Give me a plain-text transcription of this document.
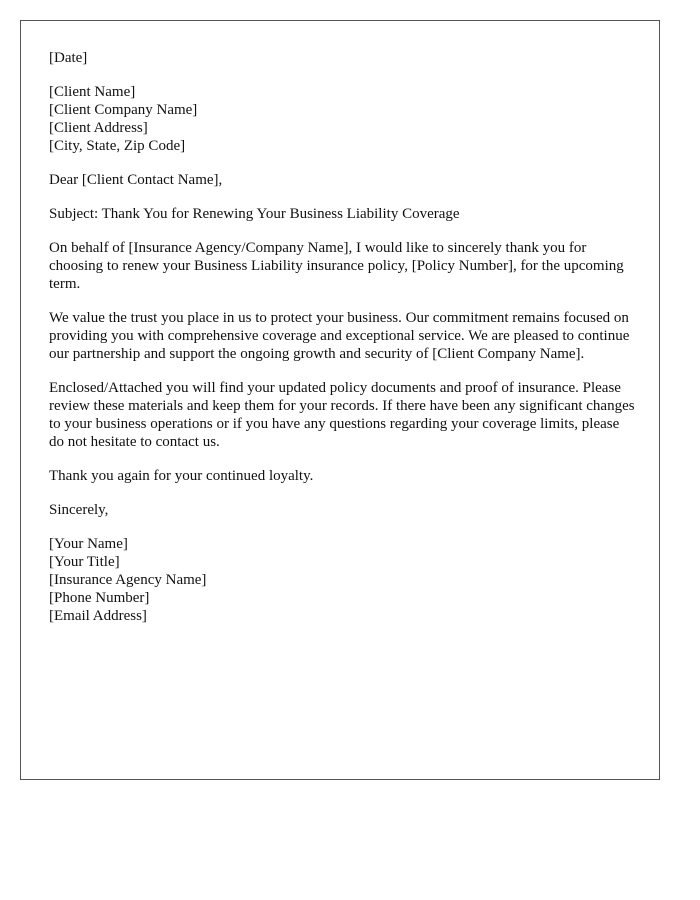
[Date]

[Client Name]

[Client Company Name]

[Client Address]

[City, State, Zip Code]

Dear [Client Contact Name],

Subject: Thank You for Renewing Your Business Liability Coverage

On behalf of [Insurance Agency/Company Name], I would like to sincerely thank you for choosing to renew your Business Liability insurance policy, [Policy Number], for the upcoming term.

We value the trust you place in us to protect your business. Our commitment remains focused on providing you with comprehensive coverage and exceptional service. We are pleased to continue our partnership and support the ongoing growth and security of [Client Company Name].

Enclosed/Attached you will find your updated policy documents and proof of insurance. Please review these materials and keep them for your records. If there have been any significant changes to your business operations or if you have any questions regarding your coverage limits, please do not hesitate to contact us.

Thank you again for your continued loyalty.

Sincerely,

[Your Name]

[Your Title]

[Insurance Agency Name]

[Phone Number]

[Email Address]
